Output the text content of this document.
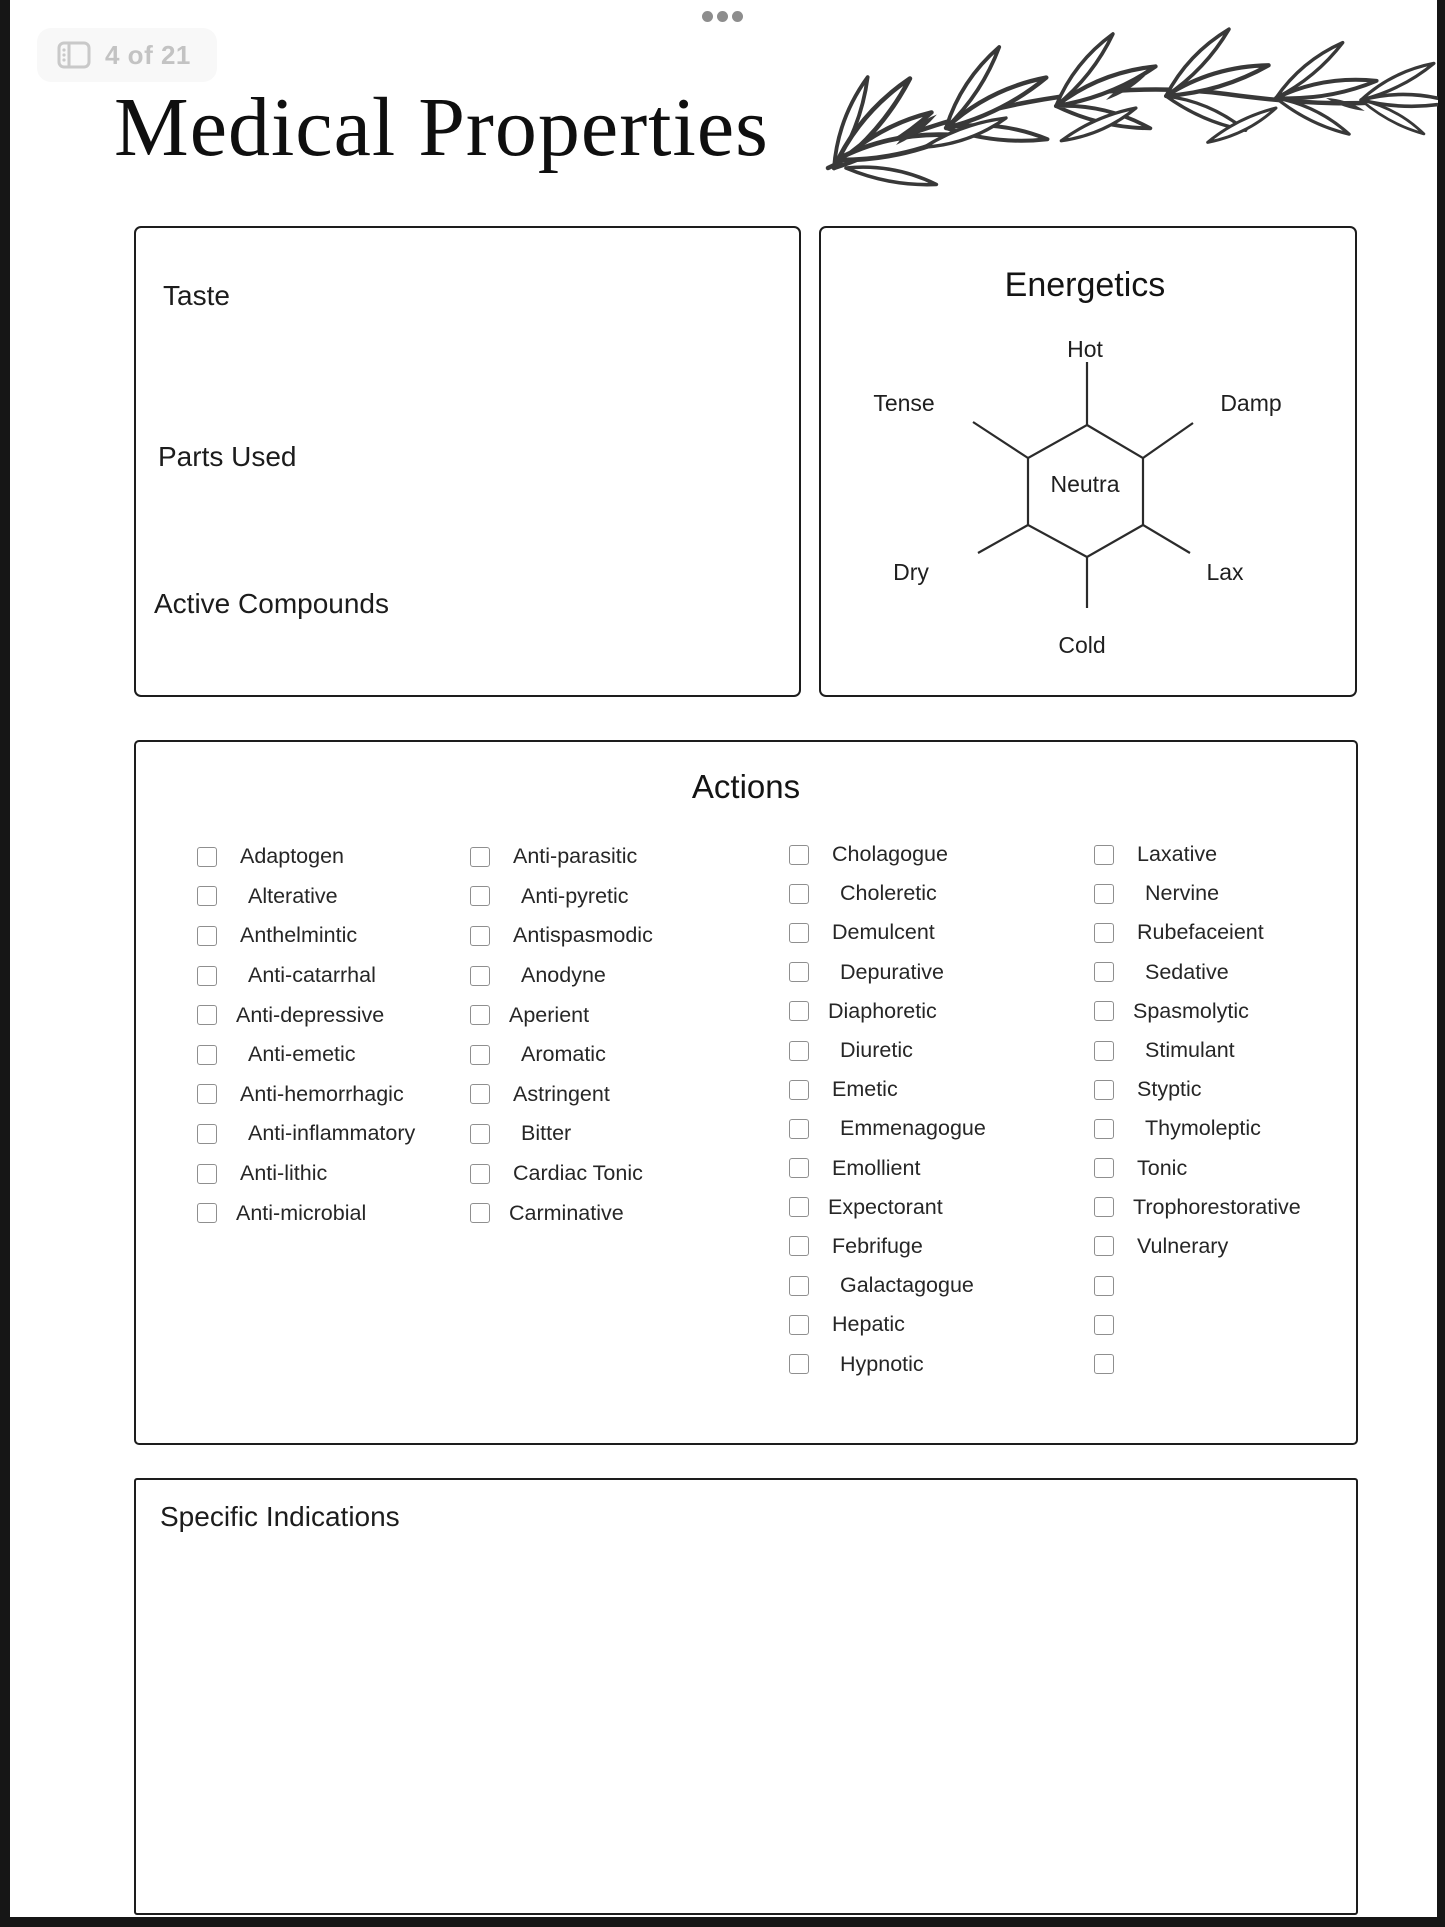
4 of 21
Medical Properties
Taste
Parts Used
Active Compounds
Energetics
Hot
Damp
Lax
Cold
Dry
Tense
Neutra
Actions
Adaptogen
Alterative
Anthelmintic
Anti-catarrhal
Anti-depressive
Anti-emetic
Anti-hemorrhagic
Anti-inflammatory
Anti-lithic
Anti-microbial
Anti-parasitic
Anti-pyretic
Antispasmodic
Anodyne
Aperient
Aromatic
Astringent
Bitter
Cardiac Tonic
Carminative
Cholagogue
Choleretic
Demulcent
Depurative
Diaphoretic
Diuretic
Emetic
Emmenagogue
Emollient
Expectorant
Febrifuge
Galactagogue
Hepatic
Hypnotic
Laxative
Nervine
Rubefaceient
Sedative
Spasmolytic
Stimulant
Styptic
Thymoleptic
Tonic
Trophorestorative
Vulnerary
Specific Indications
